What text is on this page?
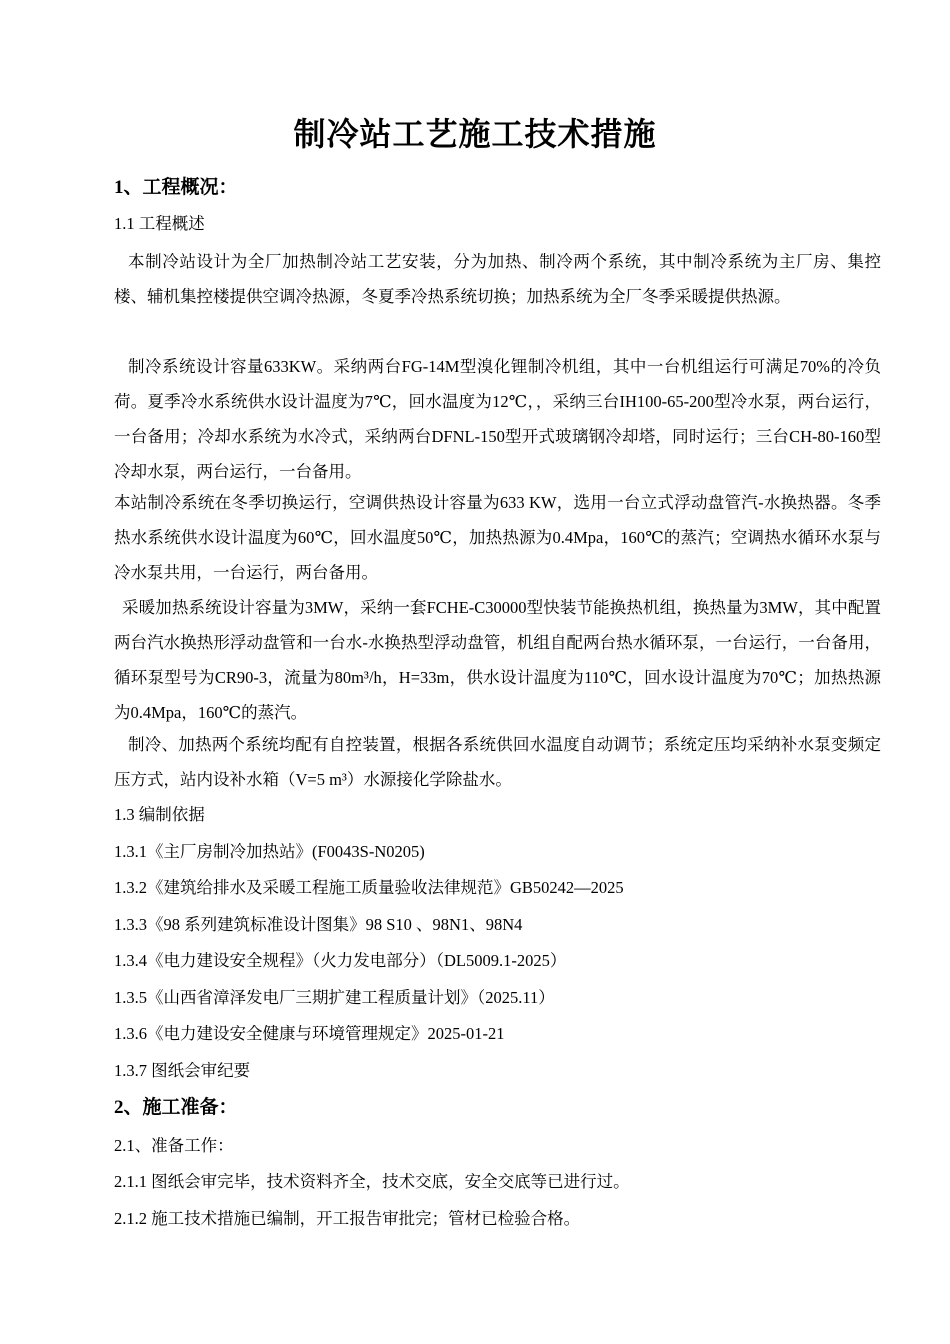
制冷站工艺施工技术措施
1、工程概况：
1.1 工程概述
本制冷站设计为全厂加热制冷站工艺安装，分为加热、制冷两个系统，其中制冷系统为主厂房、集控楼、辅机集控楼提供空调冷热源，冬夏季冷热系统切换；加热系统为全厂冬季采暖提供热源。
制冷系统设计容量633KW。采纳两台FG-14M型溴化锂制冷机组，其中一台机组运行可满足70%的冷负荷。夏季冷水系统供水设计温度为7℃，回水温度为12℃，，采纳三台IH100-65-200型冷水泵，两台运行，一台备用；冷却水系统为水冷式，采纳两台DFNL-150型开式玻璃钢冷却塔，同时运行；三台CH-80-160型冷却水泵，两台运行，一台备用。
本站制冷系统在冬季切换运行，空调供热设计容量为633 KW，选用一台立式浮动盘管汽-水换热器。冬季热水系统供水设计温度为60℃，回水温度50℃，加热热源为0.4Mpa，160℃的蒸汽；空调热水循环水泵与冷水泵共用，一台运行，两台备用。
采暖加热系统设计容量为3MW，采纳一套FCHE-C30000型快装节能换热机组，换热量为3MW，其中配置两台汽水换热形浮动盘管和一台水-水换热型浮动盘管，机组自配两台热水循环泵，一台运行，一台备用，循环泵型号为CR90-3，流量为80m³/h，H=33m，供水设计温度为110℃，回水设计温度为70℃；加热热源为0.4Mpa，160℃的蒸汽。
制冷、加热两个系统均配有自控装置，根据各系统供回水温度自动调节；系统定压均采纳补水泵变频定压方式，站内设补水箱（V=5 m³）水源接化学除盐水。
1.3 编制依据
1.3.1《主厂房制冷加热站》(F0043S-N0205)
1.3.2《建筑给排水及采暖工程施工质量验收法律规范》GB50242—2025
1.3.3《98 系列建筑标准设计图集》98 S10 、98N1、98N4
1.3.4《电力建设安全规程》（火力发电部分）（DL5009.1-2025）
1.3.5《山西省漳泽发电厂三期扩建工程质量计划》（2025.11）
1.3.6《电力建设安全健康与环境管理规定》2025-01-21
1.3.7 图纸会审纪要
2、施工准备：
2.1、准备工作：
2.1.1 图纸会审完毕，技术资料齐全，技术交底，安全交底等已进行过。
2.1.2 施工技术措施已编制，开工报告审批完；管材已检验合格。
